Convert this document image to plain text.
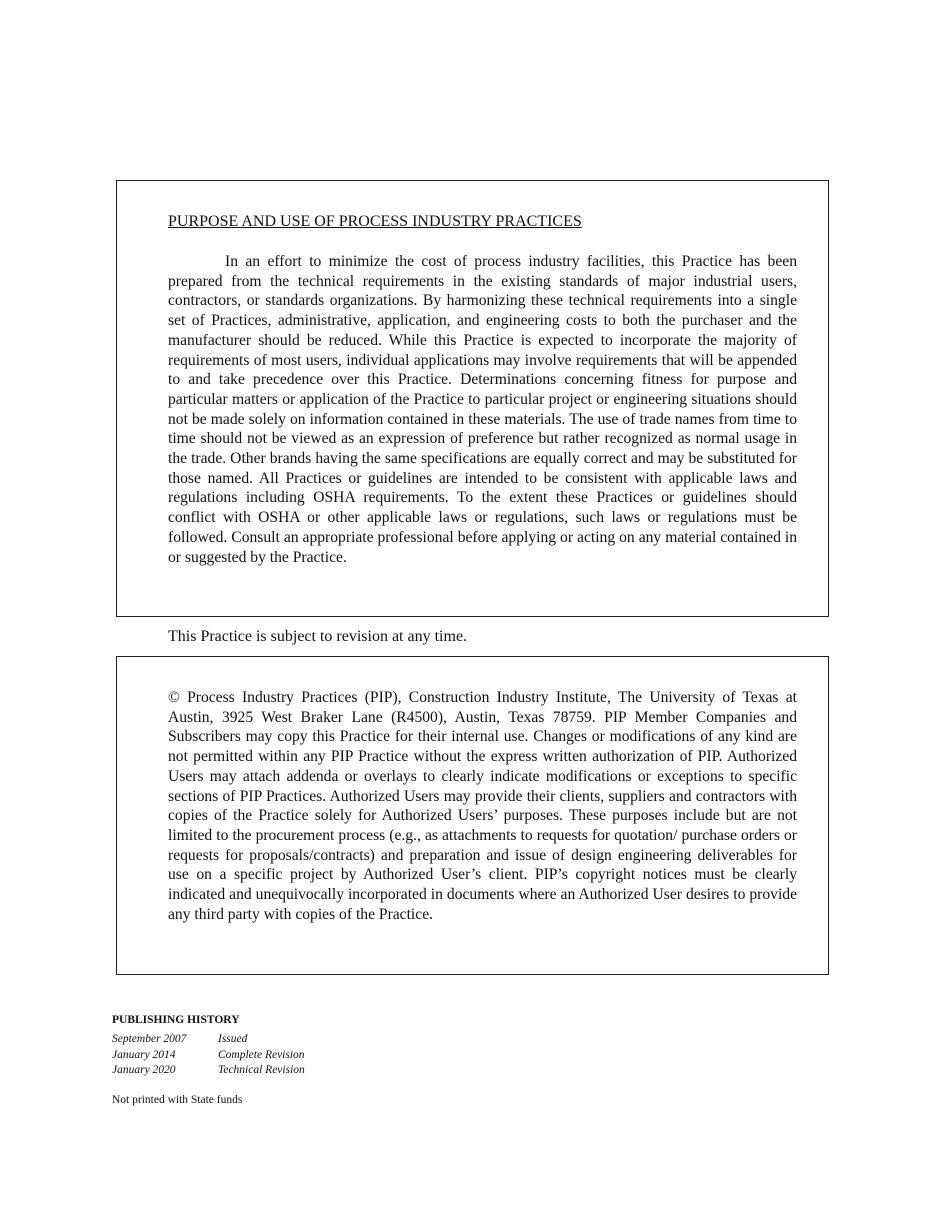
PURPOSE AND USE OF PROCESS INDUSTRY PRACTICES

In an effort to minimize the cost of process industry facilities, this Practice has been prepared from the technical requirements in the existing standards of major industrial users, contractors, or standards organizations. By harmonizing these technical requirements into a single set of Practices, administrative, application, and engineering costs to both the purchaser and the manufacturer should be reduced. While this Practice is expected to incorporate the majority of requirements of most users, individual applications may involve requirements that will be appended to and take precedence over this Practice. Determinations concerning fitness for purpose and particular matters or application of the Practice to particular project or engineering situations should not be made solely on information contained in these materials. The use of trade names from time to time should not be viewed as an expression of preference but rather recognized as normal usage in the trade. Other brands having the same specifications are equally correct and may be substituted for those named. All Practices or guidelines are intended to be consistent with applicable laws and regulations including OSHA requirements. To the extent these Practices or guidelines should conflict with OSHA or other applicable laws or regulations, such laws or regulations must be followed. Consult an appropriate professional before applying or acting on any material contained in or suggested by the Practice.

This Practice is subject to revision at any time.

© Process Industry Practices (PIP), Construction Industry Institute, The University of Texas at Austin, 3925 West Braker Lane (R4500), Austin, Texas 78759. PIP Member Companies and Subscribers may copy this Practice for their internal use. Changes or modifications of any kind are not permitted within any PIP Practice without the express written authorization of PIP. Authorized Users may attach addenda or overlays to clearly indicate modifications or exceptions to specific sections of PIP Practices. Authorized Users may provide their clients, suppliers and contractors with copies of the Practice solely for Authorized Users’ purposes. These purposes include but are not limited to the procurement process (e.g., as attachments to requests for quotation/ purchase orders or requests for proposals/contracts) and preparation and issue of design engineering deliverables for use on a specific project by Authorized User’s client. PIP’s copyright notices must be clearly indicated and unequivocally incorporated in documents where an Authorized User desires to provide any third party with copies of the Practice.

PUBLISHING HISTORY
September 2007	Issued
January 2014	Complete Revision
January 2020	Technical Revision
Not printed with State funds
